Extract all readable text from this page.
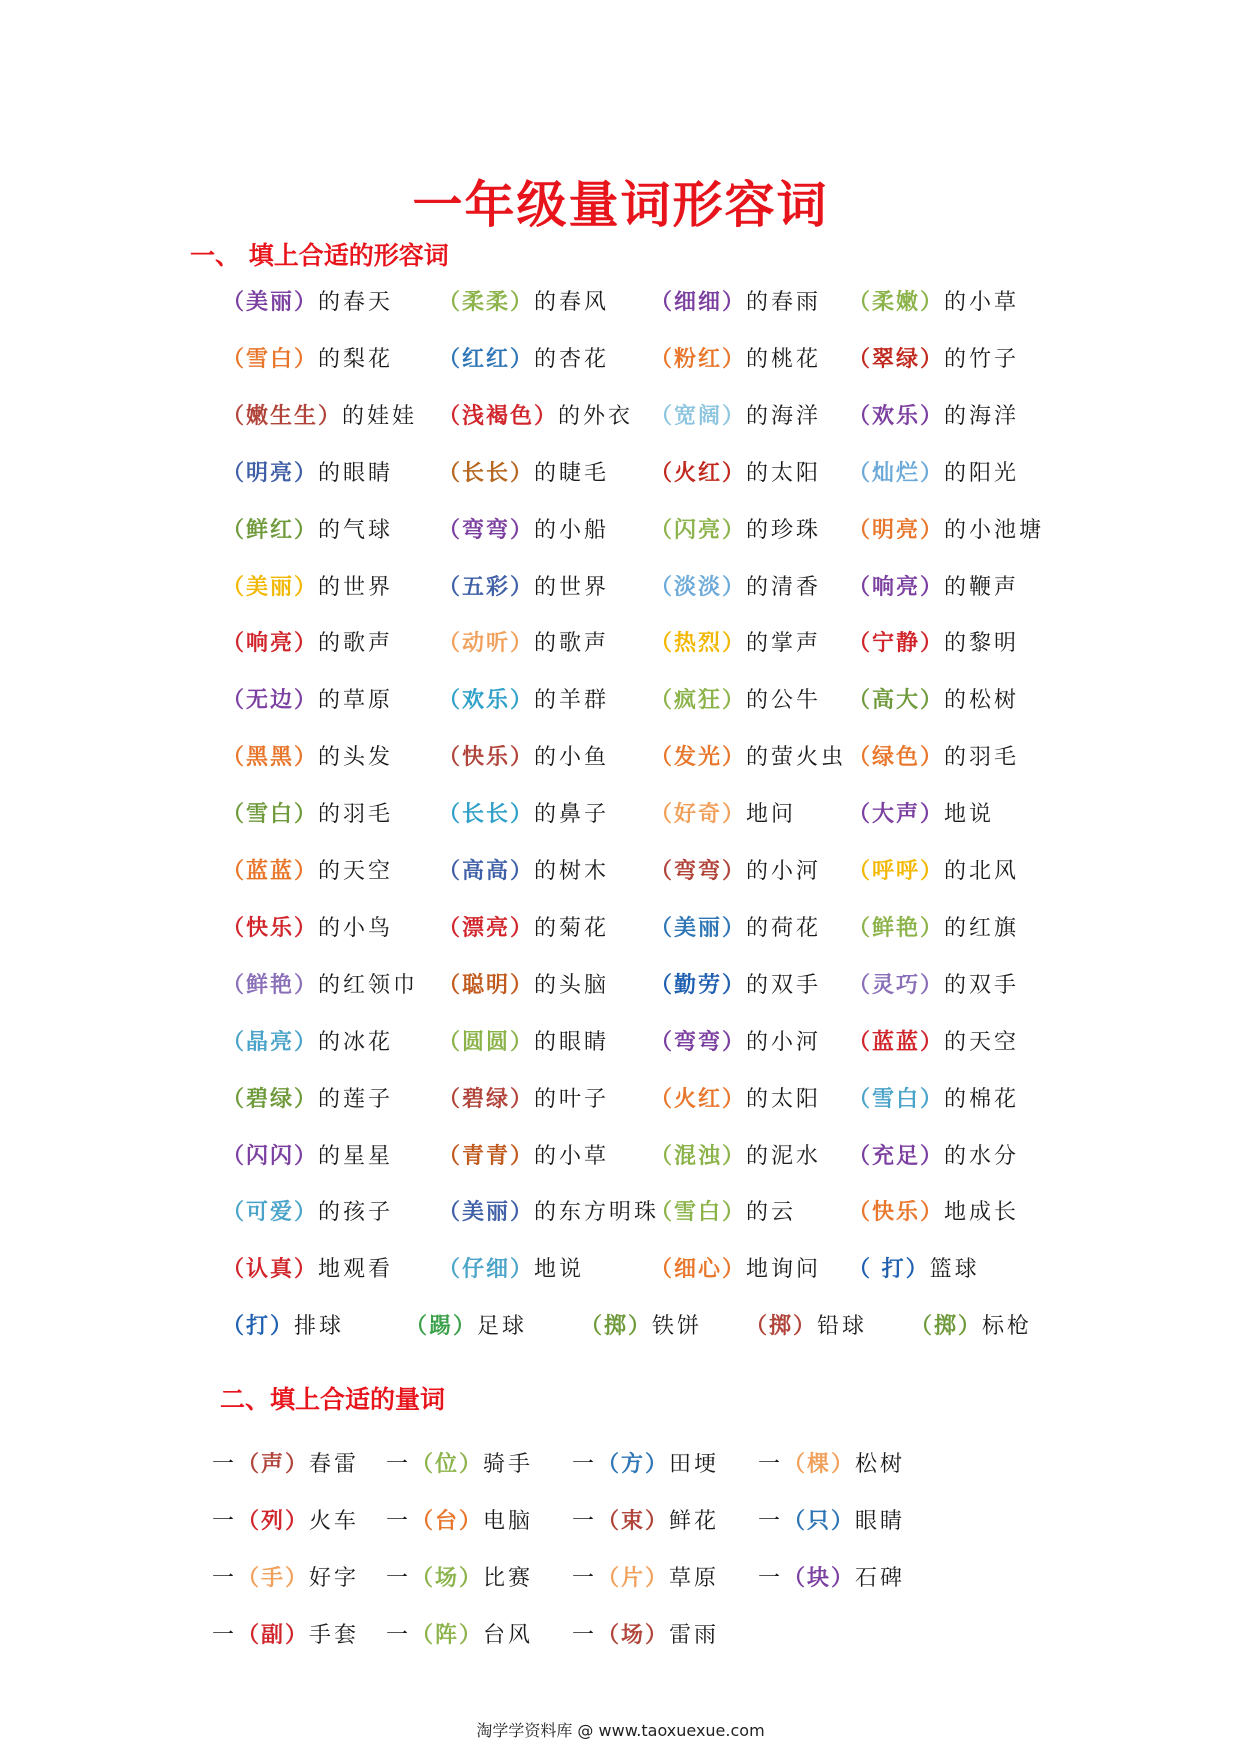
一年级量词形容词
一、 填上合适的形容词
（美丽）的春天 （柔柔）的春风 （细细）的春雨 （柔嫩）的小草
（雪白）的梨花 （红红）的杏花 （粉红）的桃花 （翠绿）的竹子
（嫩生生）的娃娃 （浅褐色）的外衣 （宽阔）的海洋 （欢乐）的海洋
（明亮）的眼睛 （长长）的睫毛 （火红）的太阳 （灿烂）的阳光
（鲜红）的气球 （弯弯）的小船 （闪亮）的珍珠 （明亮）的小池塘
（美丽）的世界 （五彩）的世界 （淡淡）的清香 （响亮）的鞭声
（响亮）的歌声 （动听）的歌声 （热烈）的掌声 （宁静）的黎明
（无边）的草原 （欢乐）的羊群 （疯狂）的公牛 （高大）的松树
（黑黑）的头发 （快乐）的小鱼 （发光）的萤火虫 （绿色）的羽毛
（雪白）的羽毛 （长长）的鼻子 （好奇）地问 （大声）地说
（蓝蓝）的天空 （高高）的树木 （弯弯）的小河 （呼呼）的北风
（快乐）的小鸟 （漂亮）的菊花 （美丽）的荷花 （鲜艳）的红旗
（鲜艳）的红领巾 （聪明）的头脑 （勤劳）的双手 （灵巧）的双手
（晶亮）的冰花 （圆圆）的眼睛 （弯弯）的小河 （蓝蓝）的天空
（碧绿）的莲子 （碧绿）的叶子 （火红）的太阳 （雪白）的棉花
（闪闪）的星星 （青青）的小草 （混浊）的泥水 （充足）的水分
（可爱）的孩子 （美丽）的东方明珠
（雪白）的云 （快乐）地成长
（认真）地观看 （仔细）地说	（细心）地询问 （ 打）篮球
（打）排球	（踢）足球 （掷）铁饼 （掷）铅球 （掷）标枪
二、填上合适的量词
一（声）春雷 一（位）骑手 一（方）田埂 一（棵）松树
一（列）火车 一（台）电脑 一（束）鲜花 一（只）眼睛
一（手）好字 一（场）比赛 一（片）草原 一（块）石碑
一（副）手套 一（阵）台风 一（场）雷雨
淘学学资料库 @ www.taoxuexue.com
